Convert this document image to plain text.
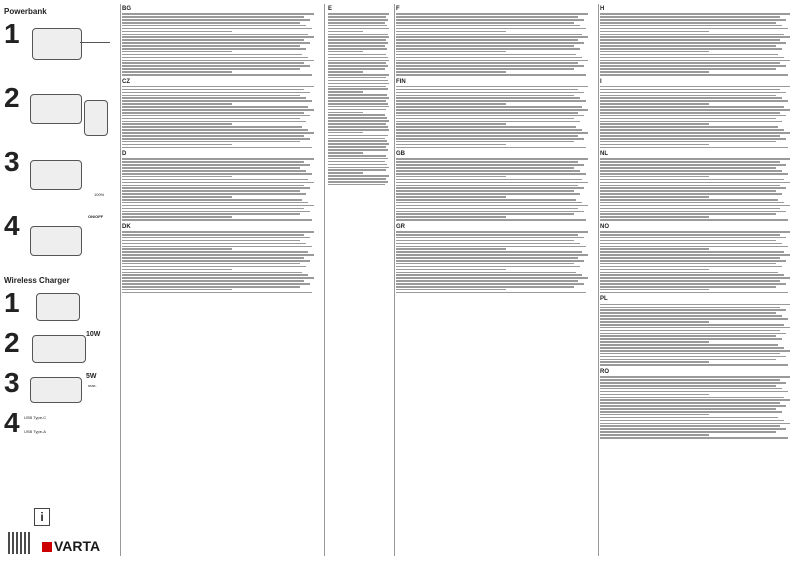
Powerbank
1
2
3
100%
4	ON/OFF
Wireless Charger
1
2	10W
3	5W
max.
4	USB Type-C
USB Type-A
i
VARTA
BG
CZ
D
DK
E	F
FIN
GB
GR
H
I
NL
NO
PL
RO
